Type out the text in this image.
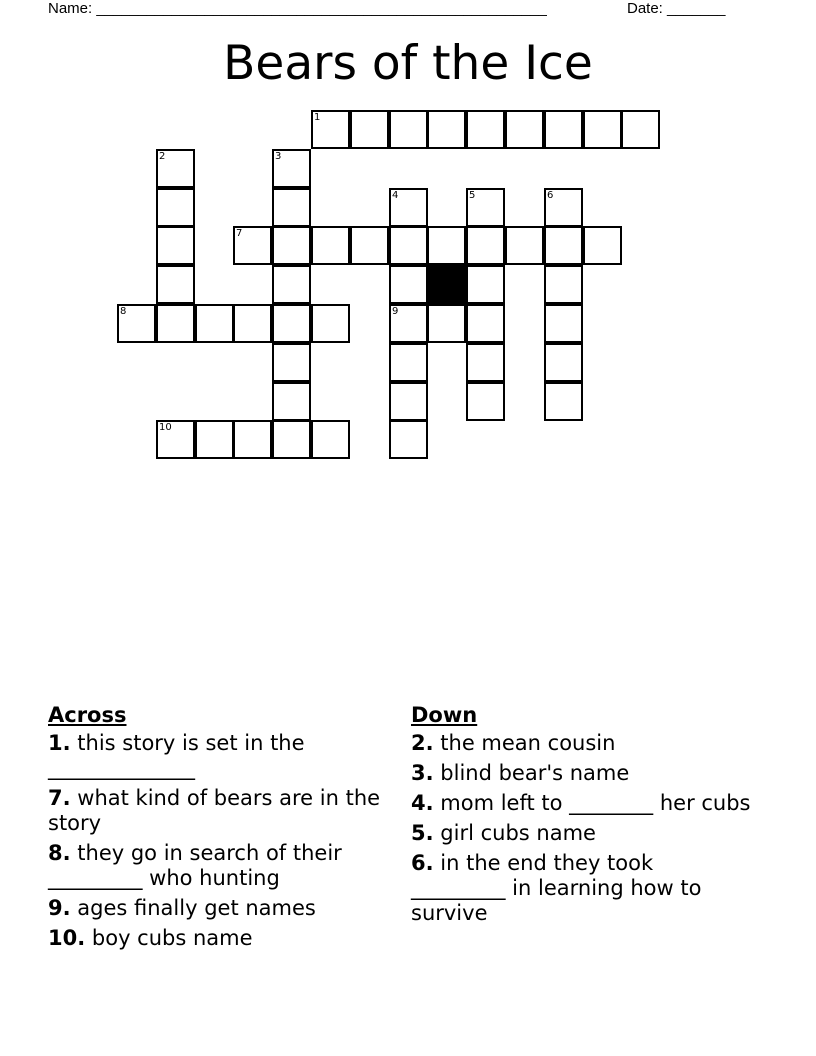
Name: ______________________________________________________	Date: _______
Bears of the Ice
1
2	3
4
9
5	6
7
8
10
Across
1. this story is set in the ______________
7. what kind of bears are in the story
8. they go in search of their _________ who hunting
9. ages finally get names
10. boy cubs name
Down
2. the mean cousin
3. blind bear's name
4. mom left to ________ her cubs
5. girl cubs name
6. in the end they took _________ in learning how to survive
